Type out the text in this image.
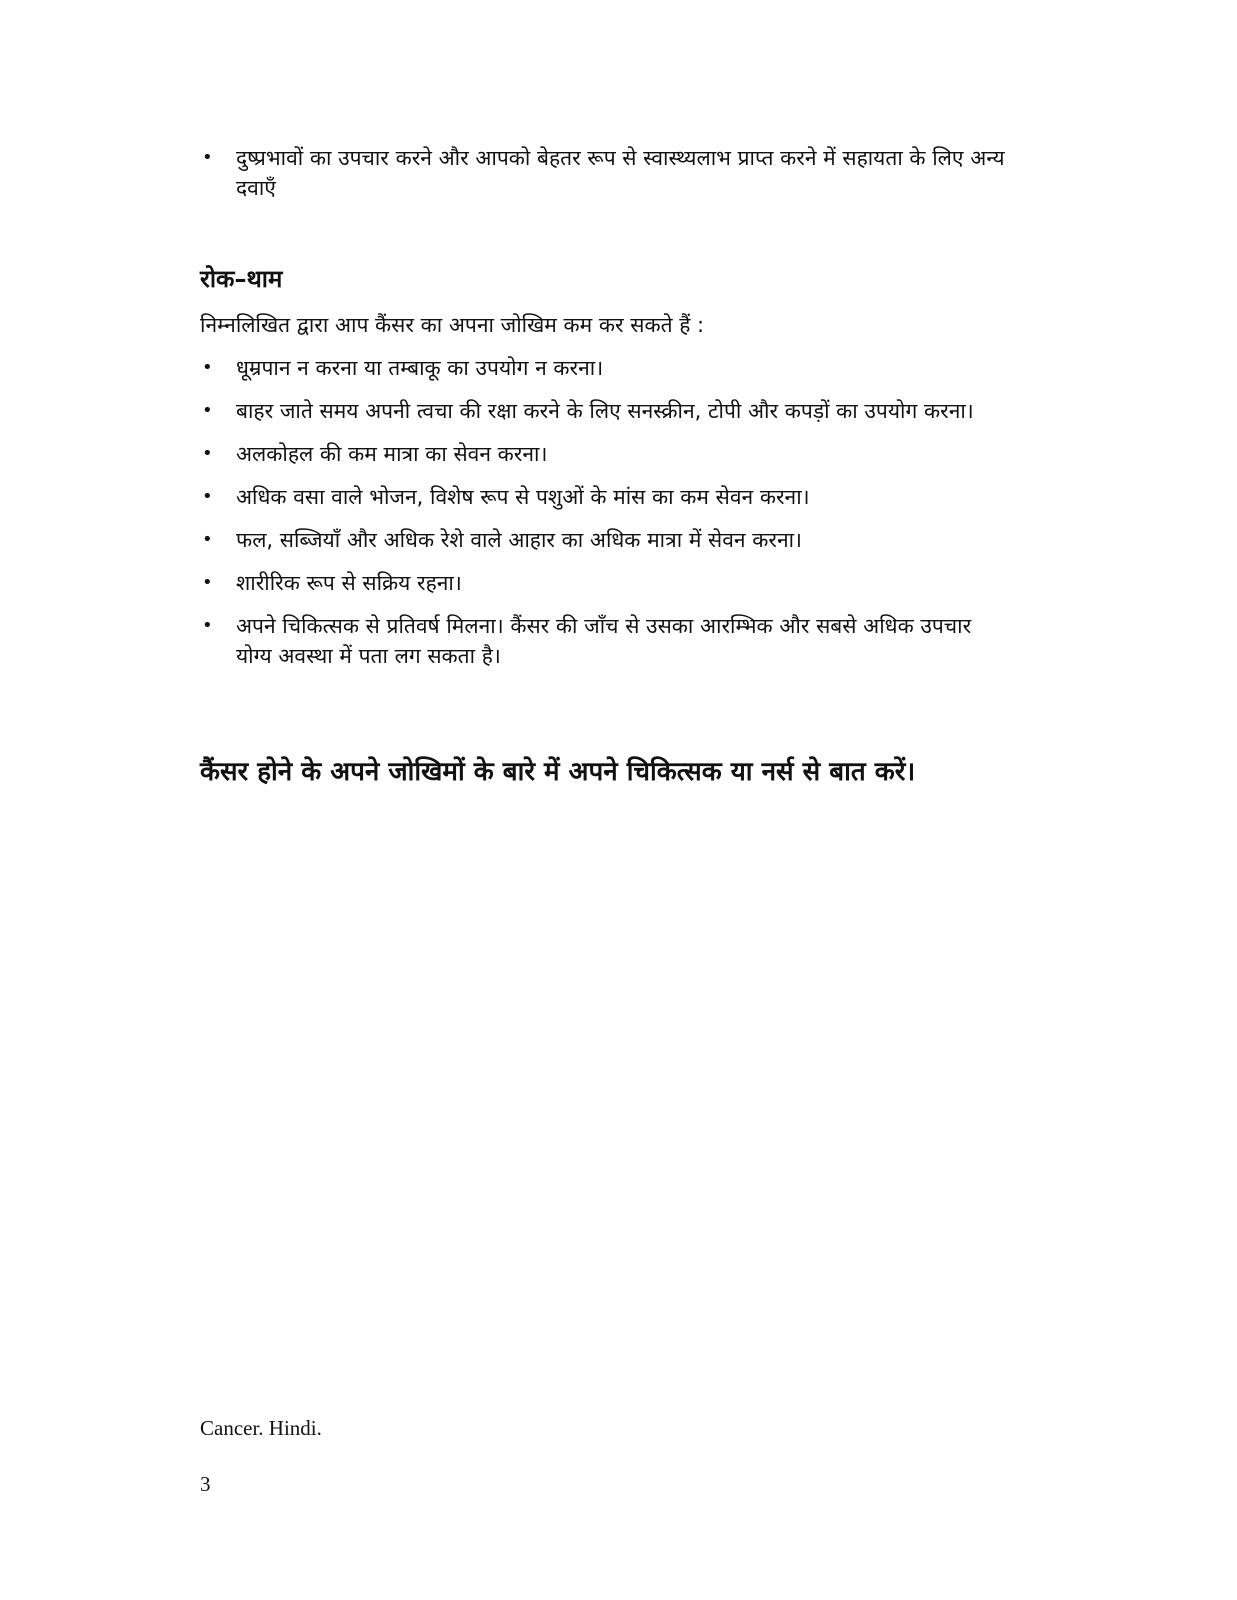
• दुष्प्रभावों का उपचार करने और आपको बेहतर रूप से स्वास्थ्यलाभ प्राप्त करने में सहायता के लिए अन्य दवाएँ
रोक–थाम

निम्नलिखित द्वारा आप कैंसर का अपना जोखिम कम कर सकते हैं :

• धूम्रपान न करना या तम्बाकू का उपयोग न करना।
• बाहर जाते समय अपनी त्वचा की रक्षा करने के लिए सनस्क्रीन, टोपी और कपड़ों का उपयोग करना।
• अलकोहल की कम मात्रा का सेवन करना।
• अधिक वसा वाले भोजन, विशेष रूप से पशुओं के मांस का कम सेवन करना।
• फल, सब्जियाँ और अधिक रेशे वाले आहार का अधिक मात्रा में सेवन करना।
• शारीरिक रूप से सक्रिय रहना।
• अपने चिकित्सक से प्रतिवर्ष मिलना। कैंसर की जाँच से उसका आरम्भिक और सबसे अधिक उपचार योग्य अवस्था में पता लग सकता है।

कैंसर होने के अपने जोखिमों के बारे में अपने चिकित्सक या नर्स से बात करें।

Cancer. Hindi.

3
